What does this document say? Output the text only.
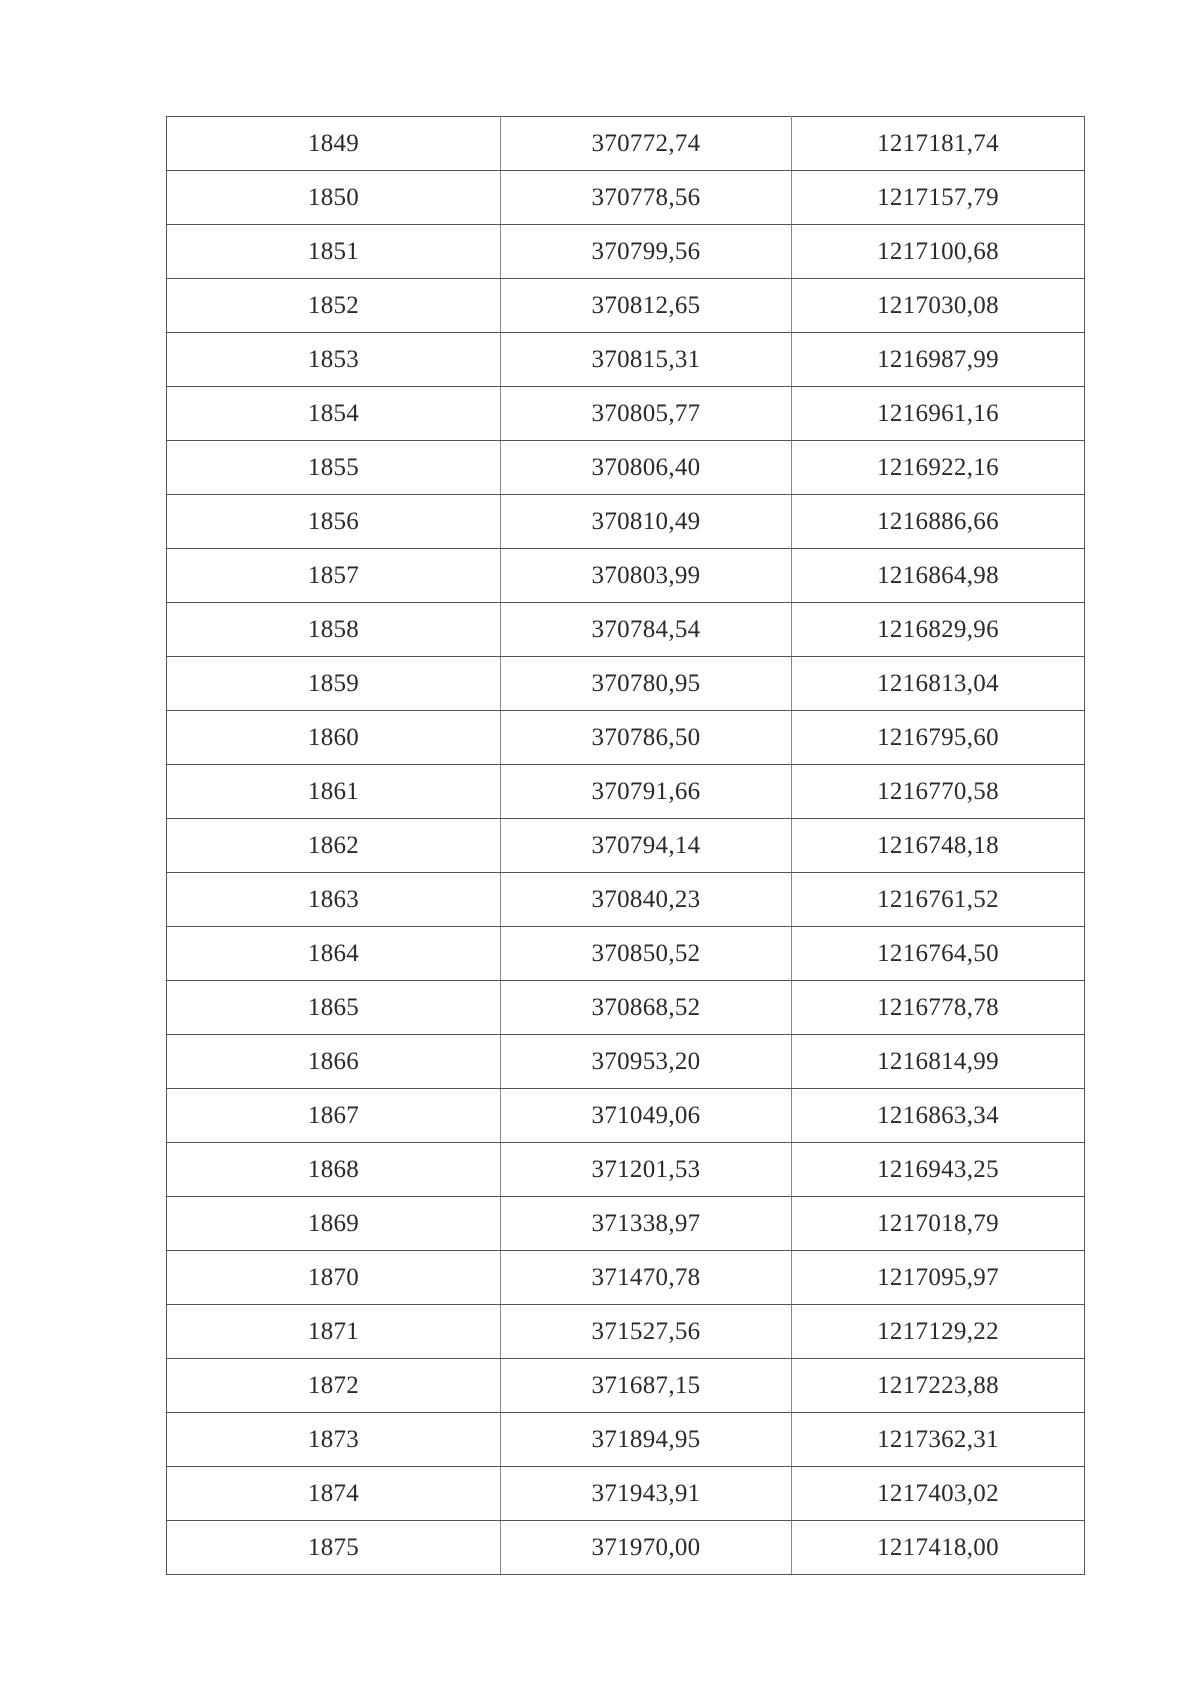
1849	370772,74	1217181,74
1850	370778,56	1217157,79
1851	370799,56	1217100,68
1852	370812,65	1217030,08
1853	370815,31	1216987,99
1854	370805,77	1216961,16
1855	370806,40	1216922,16
1856	370810,49	1216886,66
1857	370803,99	1216864,98
1858	370784,54	1216829,96
1859	370780,95	1216813,04
1860	370786,50	1216795,60
1861	370791,66	1216770,58
1862	370794,14	1216748,18
1863	370840,23	1216761,52
1864	370850,52	1216764,50
1865	370868,52	1216778,78
1866	370953,20	1216814,99
1867	371049,06	1216863,34
1868	371201,53	1216943,25
1869	371338,97	1217018,79
1870	371470,78	1217095,97
1871	371527,56	1217129,22
1872	371687,15	1217223,88
1873	371894,95	1217362,31
1874	371943,91	1217403,02
1875	371970,00	1217418,00
